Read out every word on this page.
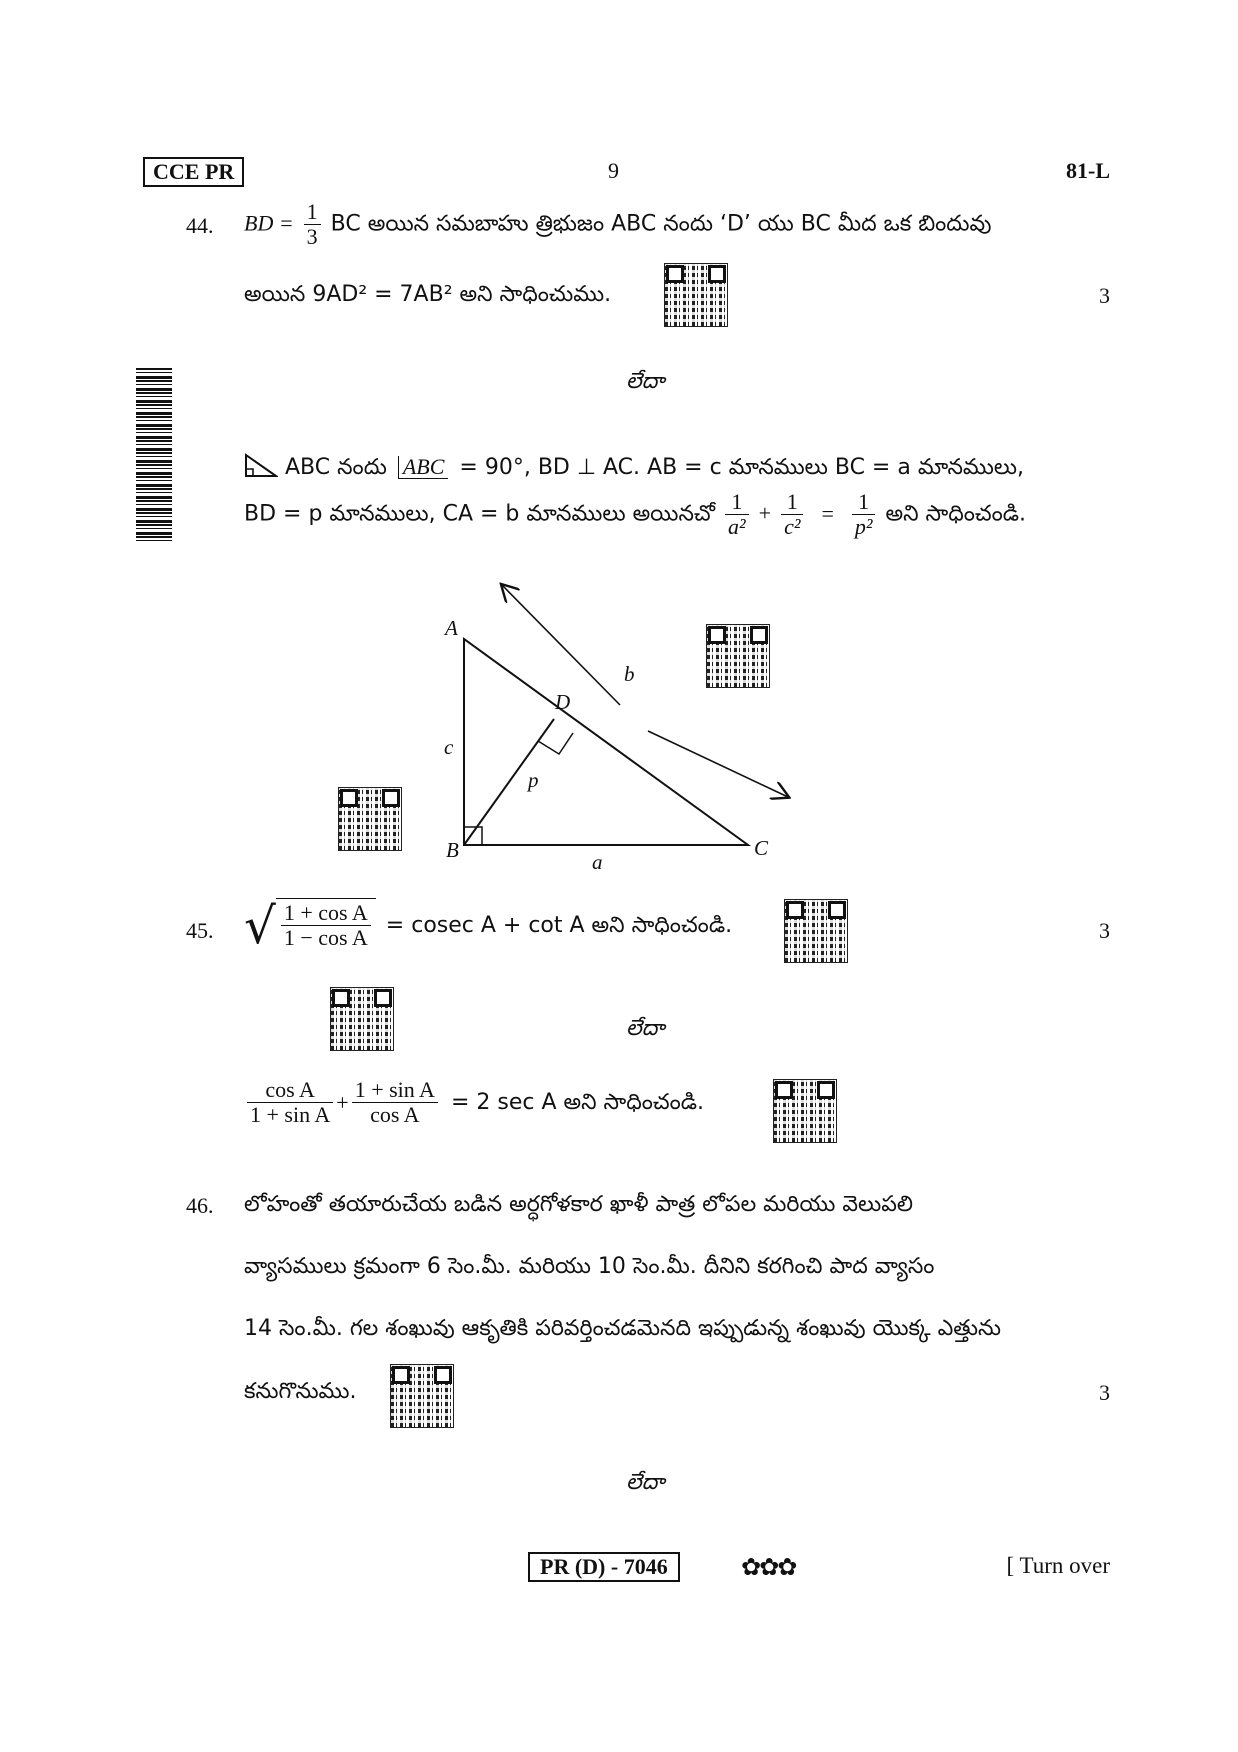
CCE PR	9	81-L
44. BD = $\frac{1}{3}$ BC అయిన సమబాహు త్రిభుజం ABC నందు ‘D’ యు BC మీద ఒక బిందువు
అయిన 9AD² = 7AB² అని సాధించుము.	3
లేదా
ABC నందు ABC = 90°, BD ⊥ AC. AB = c మానములు BC = a మానములు,
BD = p మానములు, CA = b మానములు అయినచో $\frac{1}{\text{a²}} + \frac{1}{\text{c²}} = \frac{1}{\text{p²}}$ అని సాధించండి.
A
B	C
D
a
b
c
p
45. √ $\frac{\text{1 + cos A}}{\text{1 − cos A}} = cosec$ A + cot A అని సాధించండి.	3
లేదా
$\frac{\text{cos A}}{\text{1 + sin A}} + \frac{\text{1 + sin A}}{\text{cos A}} = 2$ sec A అని సాధించండి.
46. లోహంతో తయారుచేయ బడిన అర్ధగోళకార ఖాళీ పాత్ర లోపల మరియు వెలుపలి
వ్యాసములు క్రమంగా 6 సెం.మీ. మరియు 10 సెం.మీ. దీనిని కరగించి పాద వ్యాసం
14 సెం.మీ. గల శంఖువు ఆకృతికి పరివర్తించడమెనది ఇప్పుడున్న శంఖువు యొక్క ఎత్తును
కనుగొనుము.	3
లేదా
PR (D) - 7046	✿✿✿	[ Turn over
